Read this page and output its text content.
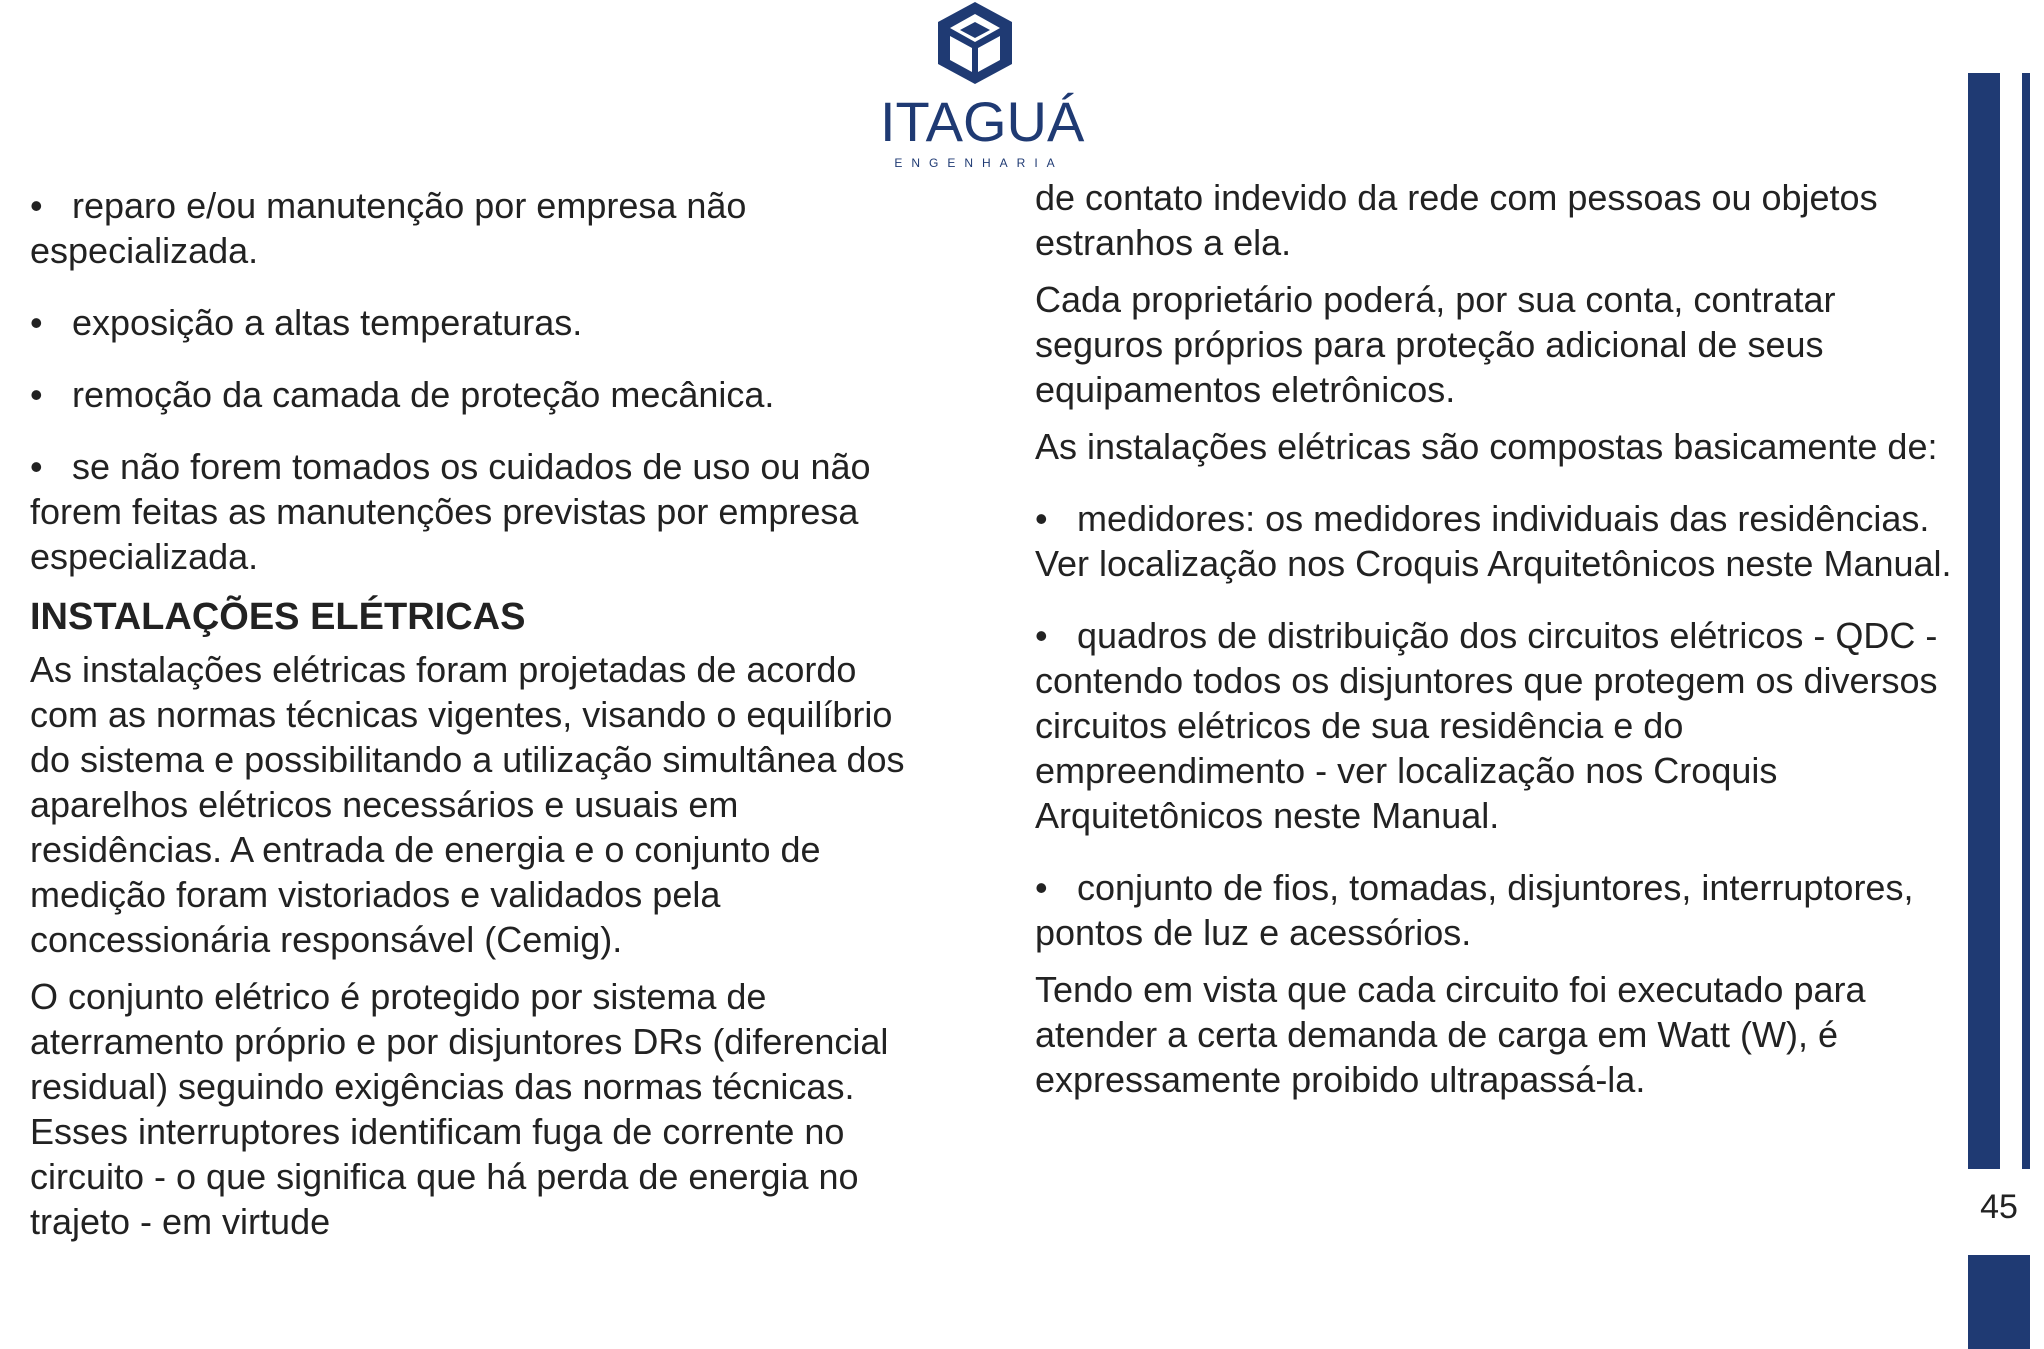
ITAGUÁ
ENGENHARIA

• reparo e/ou manutenção por empresa não especializada.

• exposição a altas temperaturas.

• remoção da camada de proteção mecânica.

• se não forem tomados os cuidados de uso ou não forem feitas as manutenções previstas por empresa especializada.

INSTALAÇÕES ELÉTRICAS

As instalações elétricas foram projetadas de acordo com as normas técnicas vigentes, visando o equilíbrio do sistema e possibilitando a utilização simultânea dos aparelhos elétricos necessários e usuais em residências. A entrada de energia e o conjunto de medição foram vistoriados e validados pela concessionária responsável (Cemig).

O conjunto elétrico é protegido por sistema de aterramento próprio e por disjuntores DRs (diferencial residual) seguindo exigências das normas técnicas. Esses interruptores identificam fuga de corrente no circuito - o que significa que há perda de energia no trajeto - em virtude

de contato indevido da rede com pessoas ou objetos estranhos a ela.

Cada proprietário poderá, por sua conta, contratar seguros próprios para proteção adicional de seus equipamentos eletrônicos.

As instalações elétricas são compostas basicamente de:

• medidores: os medidores individuais das residências. Ver localização nos Croquis Arquitetônicos neste Manual.

• quadros de distribuição dos circuitos elétricos - QDC - contendo todos os disjuntores que protegem os diversos circuitos elétricos de sua residência e do empreendimento - ver localização nos Croquis Arquitetônicos neste Manual.

• conjunto de fios, tomadas, disjuntores, interruptores, pontos de luz e acessórios.

Tendo em vista que cada circuito foi executado para atender a certa demanda de carga em Watt (W), é expressamente proibido ultrapassá-la.

45
